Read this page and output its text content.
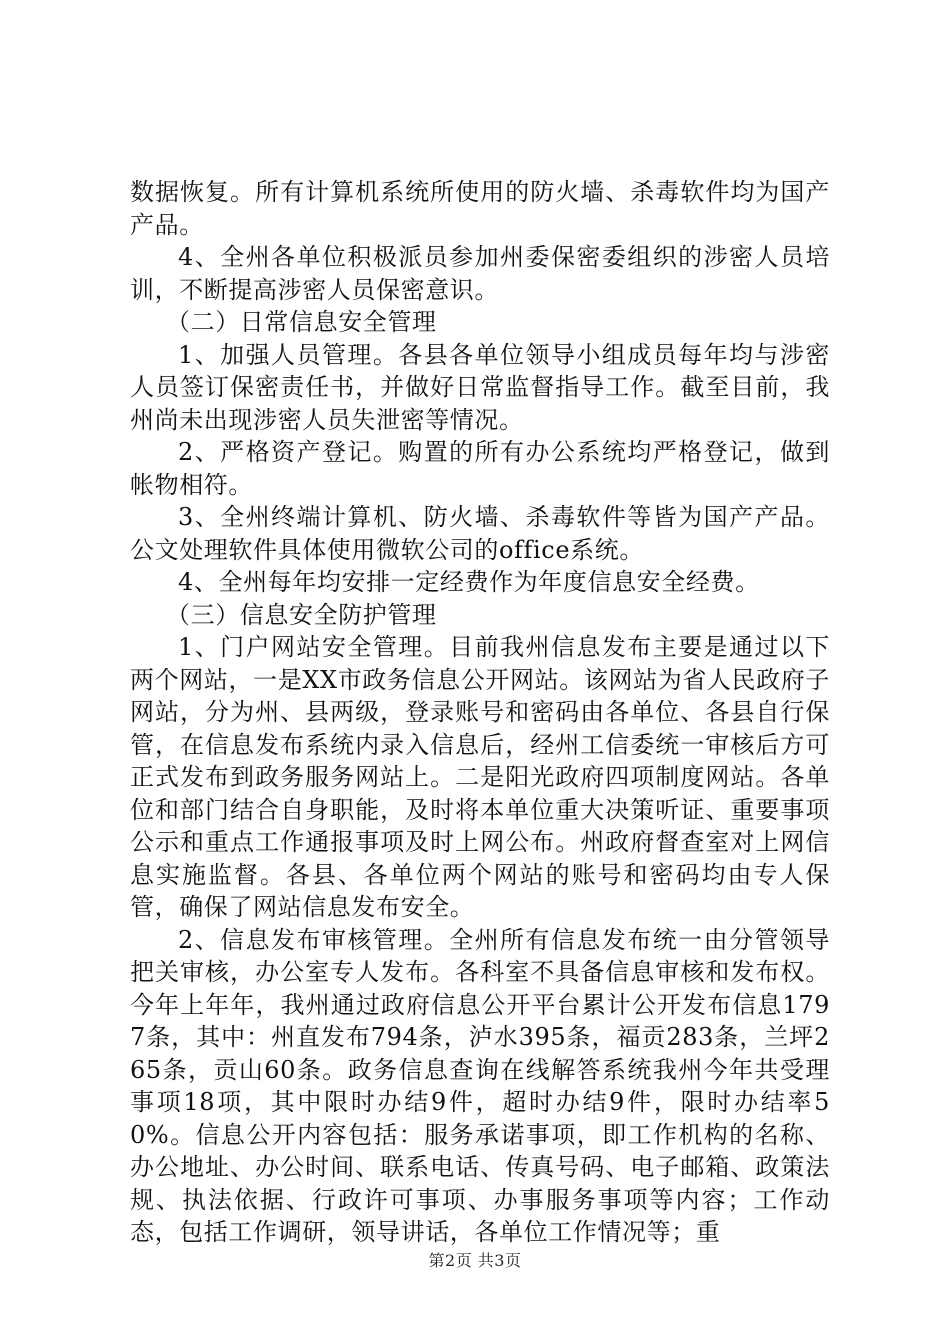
数据恢复。所有计算机系统所使用的防火墙、杀毒软件均为国产产品。

4、全州各单位积极派员参加州委保密委组织的涉密人员培训，不断提高涉密人员保密意识。

（二）日常信息安全管理

1、加强人员管理。各县各单位领导小组成员每年均与涉密人员签订保密责任书，并做好日常监督指导工作。截至目前，我州尚未出现涉密人员失泄密等情况。

2、严格资产登记。购置的所有办公系统均严格登记，做到帐物相符。

3、全州终端计算机、防火墙、杀毒软件等皆为国产产品。公文处理软件具体使用微软公司的office系统。

4、全州每年均安排一定经费作为年度信息安全经费。

（三）信息安全防护管理

1、门户网站安全管理。目前我州信息发布主要是通过以下两个网站，一是XX市政务信息公开网站。该网站为省人民政府子网站，分为州、县两级，登录账号和密码由各单位、各县自行保管，在信息发布系统内录入信息后，经州工信委统一审核后方可正式发布到政务服务网站上。二是阳光政府四项制度网站。各单位和部门结合自身职能，及时将本单位重大决策听证、重要事项公示和重点工作通报事项及时上网公布。州政府督查室对上网信息实施监督。各县、各单位两个网站的账号和密码均由专人保管，确保了网站信息发布安全。

2、信息发布审核管理。全州所有信息发布统一由分管领导把关审核，办公室专人发布。各科室不具备信息审核和发布权。今年上年年，我州通过政府信息公开平台累计公开发布信息1797条，其中：州直发布794条，泸水395条，福贡283条，兰坪265条，贡山60条。政务信息查询在线解答系统我州今年共受理事项18项，其中限时办结9件，超时办结9件，限时办结率50%。信息公开内容包括：服务承诺事项，即工作机构的名称、办公地址、办公时间、联系电话、传真号码、电子邮箱、政策法规、执法依据、行政许可事项、办事服务事项等内容；工作动态，包括工作调研，领导讲话，各单位工作情况等；重

第2页 共3页
